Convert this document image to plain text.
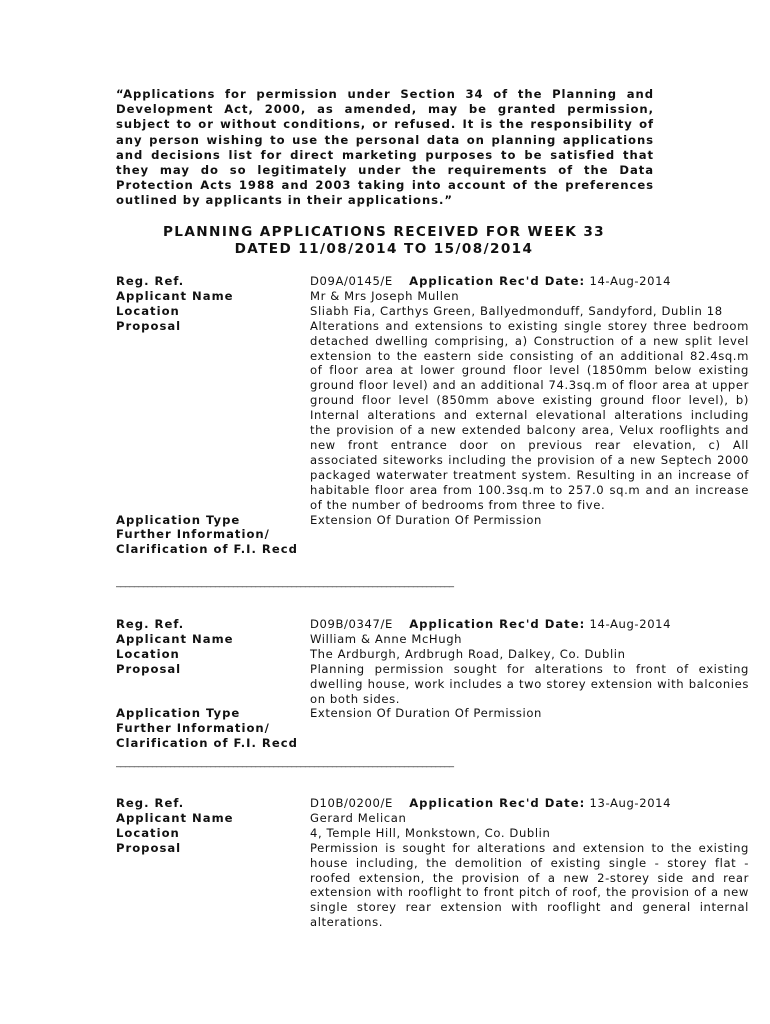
“Applications for permission under Section 34 of the Planning and Development Act, 2000, as amended, may be granted permission, subject to or without conditions, or refused. It is the responsibility of any person wishing to use the personal data on planning applications and decisions list for direct marketing purposes to be satisfied that they may do so legitimately under the requirements of the Data Protection Acts 1988 and 2003 taking into account of the preferences outlined by applicants in their applications.”
PLANNING APPLICATIONS RECEIVED FOR WEEK 33
DATED 11/08/2014 TO 15/08/2014
Reg. Ref.	D09A/0145/E Application Rec'd Date: 14-Aug-2014
Applicant Name	Mr & Mrs Joseph Mullen
Location	Sliabh Fia, Carthys Green, Ballyedmonduff, Sandyford, Dublin 18
Proposal	Alterations and extensions to existing single storey three bedroom detached dwelling comprising, a) Construction of a new split level extension to the eastern side consisting of an additional 82.4sq.m of floor area at lower ground floor level (1850mm below existing ground floor level) and an additional 74.3sq.m of floor area at upper ground floor level (850mm above existing ground floor level), b) Internal alterations and external elevational alterations including the provision of a new extended balcony area, Velux rooflights and new front entrance door on previous rear elevation, c) All associated siteworks including the provision of a new Septech 2000 packaged waterwater treatment system. Resulting in an increase of habitable floor area from 100.3sq.m to 257.0 sq.m and an increase of the number of bedrooms from three to five.
Application Type	Extension Of Duration Of Permission
Further Information/
Clarification of F.I. Recd
___________________________________________________________________________
Reg. Ref.	D09B/0347/E Application Rec'd Date: 14-Aug-2014
Applicant Name	William & Anne McHugh
Location	The Ardburgh, Ardbrugh Road, Dalkey, Co. Dublin
Proposal	Planning permission sought for alterations to front of existing dwelling house, work includes a two storey extension with balconies on both sides.
Application Type	Extension Of Duration Of Permission
Further Information/
Clarification of F.I. Recd
___________________________________________________________________________
Reg. Ref.	D10B/0200/E Application Rec'd Date: 13-Aug-2014
Applicant Name	Gerard Melican
Location	4, Temple Hill, Monkstown, Co. Dublin
Proposal	Permission is sought for alterations and extension to the existing house including, the demolition of existing single - storey flat - roofed extension, the provision of a new 2-storey side and rear extension with rooflight to front pitch of roof, the provision of a new single storey rear extension with rooflight and general internal alterations.
